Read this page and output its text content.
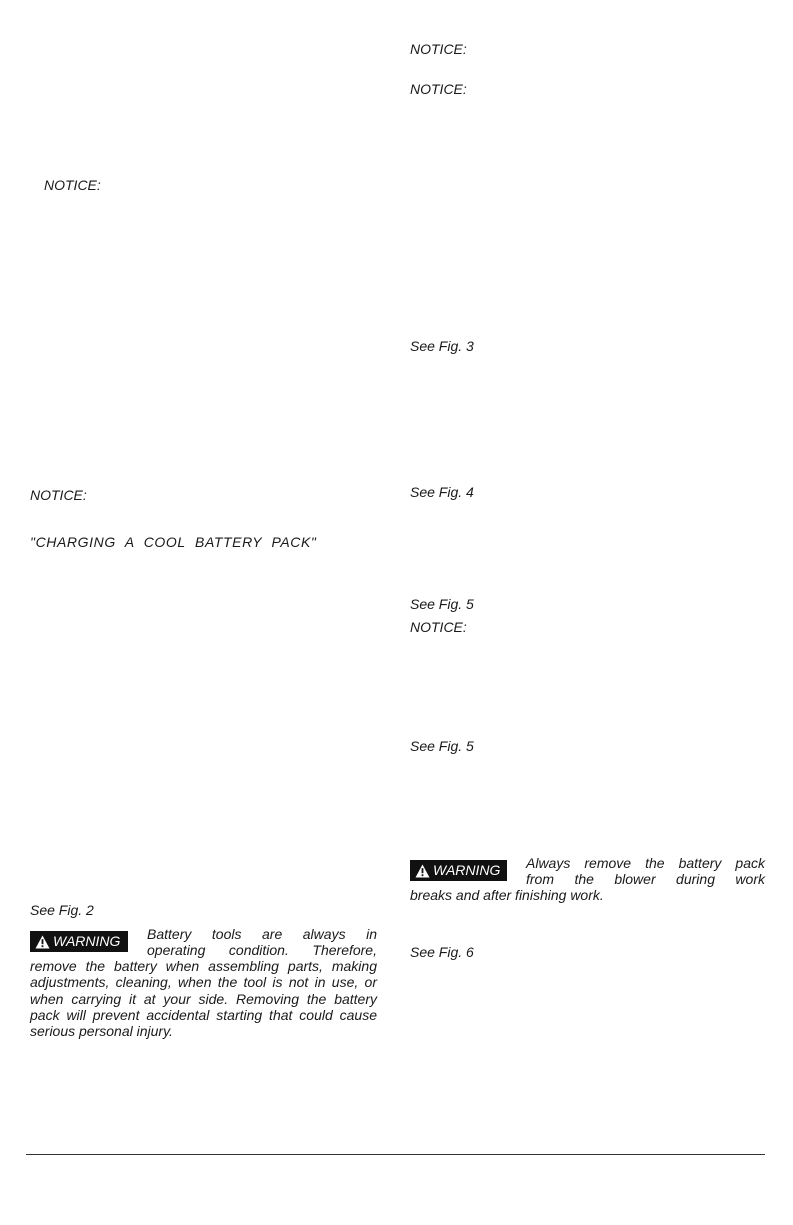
NOTICE:
NOTICE:
"CHARGING A COOL BATTERY PACK"
See Fig. 2
WARNING	Battery tools are always in

operating condition. Therefore,

remove the battery when assembling parts, making adjustments, cleaning, when the tool is not in use, or when carrying it at your side. Removing the battery pack will prevent accidental starting that could cause serious personal injury.

NOTICE:
NOTICE:
See Fig. 3
See Fig. 4
See Fig. 5
NOTICE:
See Fig. 5
WARNING	Always remove the battery pack

from the blower during work

breaks and after finishing work.

See Fig. 6
